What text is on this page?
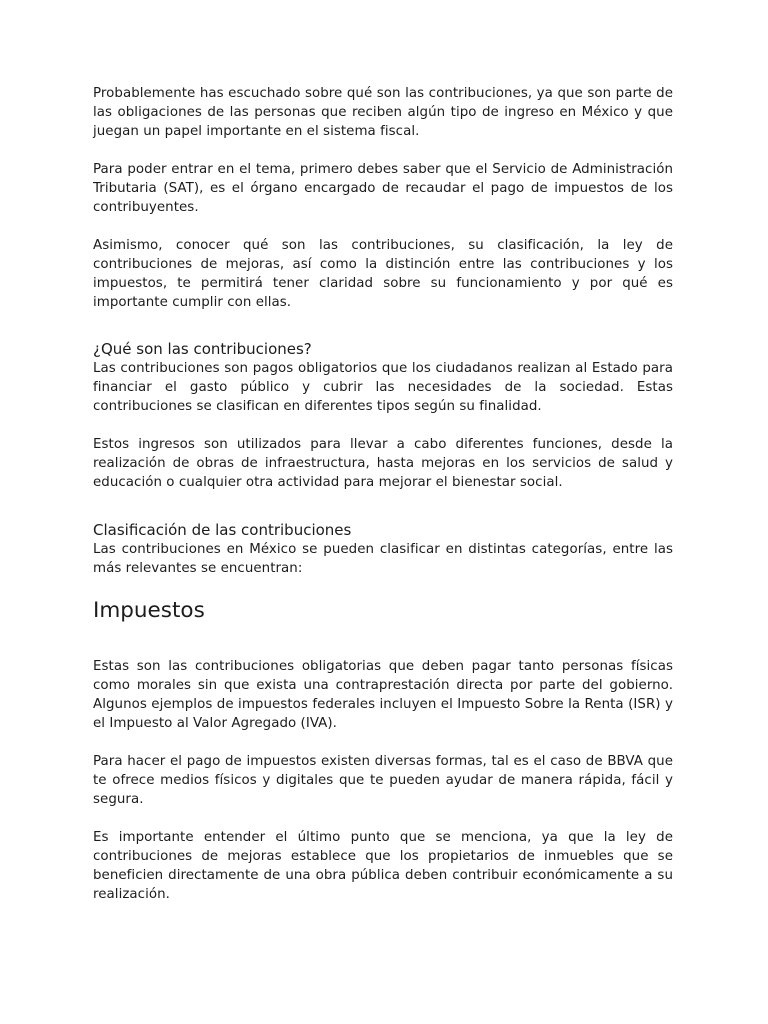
Probablemente has escuchado sobre qué son las contribuciones, ya que son parte de las obligaciones de las personas que reciben algún tipo de ingreso en México y que juegan un papel importante en el sistema fiscal.

Para poder entrar en el tema, primero debes saber que el Servicio de Administración Tributaria (SAT), es el órgano encargado de recaudar el pago de impuestos de los contribuyentes.

Asimismo, conocer qué son las contribuciones, su clasificación, la ley de contribuciones de mejoras, así como la distinción entre las contribuciones y los impuestos, te permitirá tener claridad sobre su funcionamiento y por qué es importante cumplir con ellas.

¿Qué son las contribuciones?

Las contribuciones son pagos obligatorios que los ciudadanos realizan al Estado para financiar el gasto público y cubrir las necesidades de la sociedad. Estas contribuciones se clasifican en diferentes tipos según su finalidad.

Estos ingresos son utilizados para llevar a cabo diferentes funciones, desde la realización de obras de infraestructura, hasta mejoras en los servicios de salud y educación o cualquier otra actividad para mejorar el bienestar social.

Clasificación de las contribuciones

Las contribuciones en México se pueden clasificar en distintas categorías, entre las más relevantes se encuentran:

Impuestos

Estas son las contribuciones obligatorias que deben pagar tanto personas físicas como morales sin que exista una contraprestación directa por parte del gobierno. Algunos ejemplos de impuestos federales incluyen el Impuesto Sobre la Renta (ISR) y el Impuesto al Valor Agregado (IVA).

Para hacer el pago de impuestos existen diversas formas, tal es el caso de BBVA que te ofrece medios físicos y digitales que te pueden ayudar de manera rápida, fácil y segura.

Es importante entender el último punto que se menciona, ya que la ley de contribuciones de mejoras establece que los propietarios de inmuebles que se beneficien directamente de una obra pública deben contribuir económicamente a su realización.
